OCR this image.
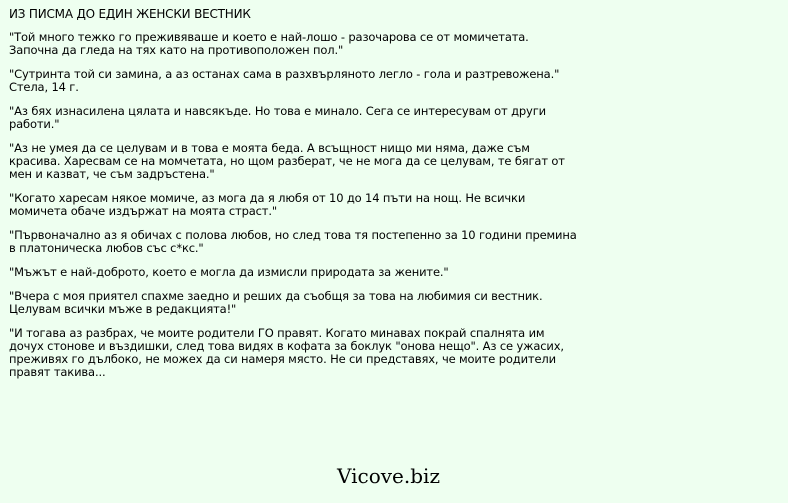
ИЗ ПИСМА ДО ЕДИН ЖЕНСКИ ВЕСТНИК

"Той много тежко го преживяваше и което е най-лошо - разочарова се от момичетата. Започна да гледа на тях като на противоположен пол."

"Сутринта той си замина, а аз останах сама в разхвърляното легло - гола и разтревожена." Стела, 14 г.

"Аз бях изнасилена цялата и навсякъде. Но това е минало. Сега се интересувам от други работи."

"Аз не умея да се целувам и в това е моята беда. А всъщност нищо ми няма, даже съм красива. Харесвам се на момчетата, но щом разберат, че не мога да се целувам, те бягат от мен и казват, че съм задръстена."

"Когато харесам някое момиче, аз мога да я любя от 10 до 14 пъти на нощ. Не всички момичета обаче издържат на моята страст."

"Първоначално аз я обичах с полова любов, но след това тя постепенно за 10 години премина в платоническа любов със с*кс."

"Мъжът е най-доброто, което е могла да измисли природата за жените."

"Вчера с моя приятел спахме заедно и реших да съобщя за това на любимия си вестник. Целувам всички мъже в редакцията!"

"И тогава аз разбрах, че моите родители ГО правят. Когато минавах покрай спалнята им дочух стонове и въздишки, след това видях в кофата за боклук "онова нещо". Аз се ужасих, преживях го дълбоко, не можех да си намеря място. Не си представях, че моите родители правят такива...

Vicove.biz
